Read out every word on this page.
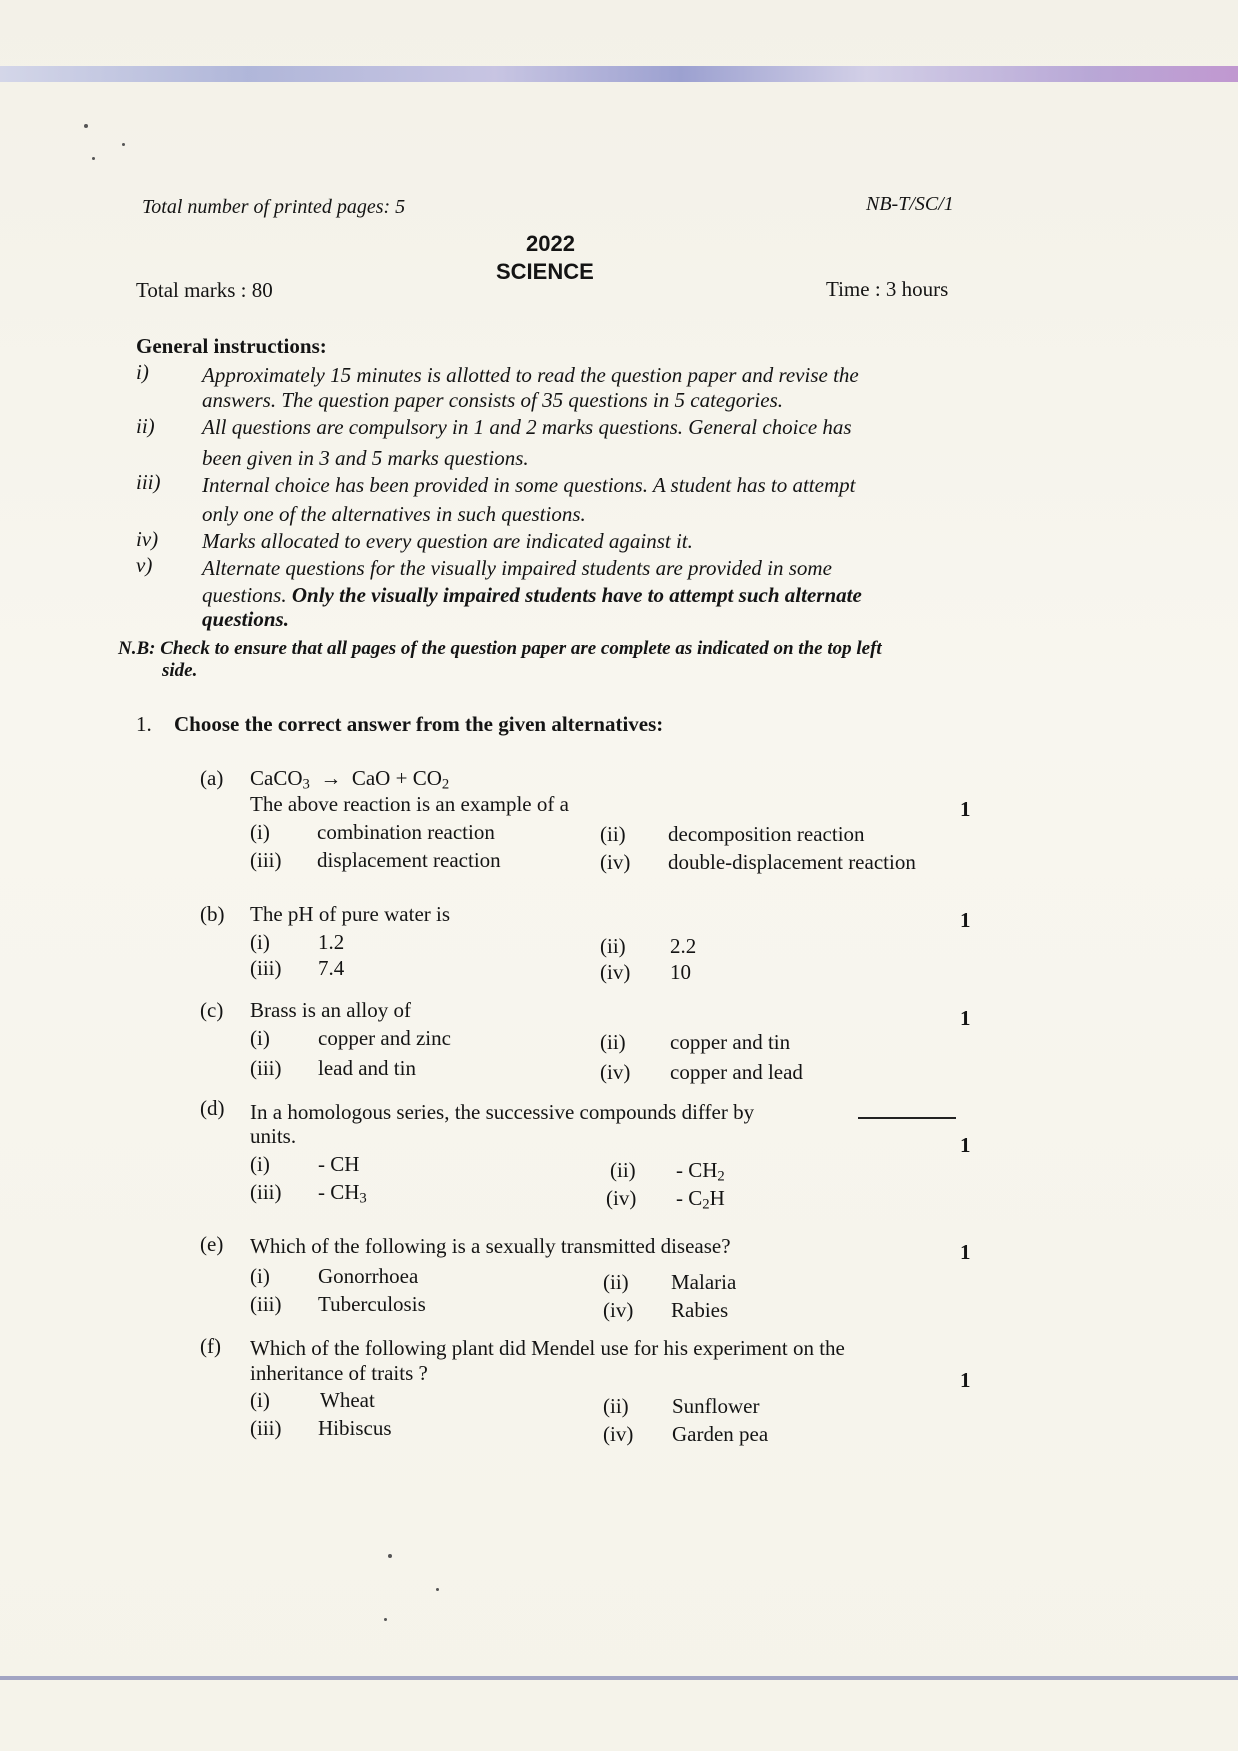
Total number of printed pages: 5	NB-T/SC/1
2022
SCIENCE
Total marks : 80	Time : 3 hours
General instructions:
i)	Approximately 15 minutes is allotted to read the question paper and revise the
answers. The question paper consists of 35 questions in 5 categories.
ii) All questions are compulsory in 1 and 2 marks questions. General choice has
been given in 3 and 5 marks questions.
iii) Internal choice has been provided in some questions. A student has to attempt
only one of the alternatives in such questions.
iv) Marks allocated to every question are indicated against it.
v) Alternate questions for the visually impaired students are provided in some
questions. Only the visually impaired students have to attempt such alternate
questions.
N.B: Check to ensure that all pages of the question paper are complete as indicated on the top left
side.
1. Choose the correct answer from the given alternatives:
(a) CaCO$_3$ → CaO + $CO_2$
The above reaction is an example of a	1
(i) combination reaction	(ii) decomposition reaction
(iii) displacement reaction	(iv) double-displacement reaction
(b) The pH of pure water is	1
(i) 1.2	(ii) 2.2
(iii) 7.4	(iv) 10
(c) Brass is an alloy of	1
(i) copper and zinc	(ii) copper and tin
(iii) lead and tin	(iv) copper and lead
(d) In a homologous series, the successive compounds differ by
units.	1
(i) - CH	$(ii) - CH_2$
$(iii) - CH_3$	$(iv) - C_2H$
(e) Which of the following is a sexually transmitted disease?	1
(i) Gonorrhoea	(ii) Malaria
(iii) Tuberculosis	(iv) Rabies
(f) Which of the following plant did Mendel use for his experiment on the
inheritance of traits ?	1
(i) Wheat	(ii) Sunflower
(iii) Hibiscus	(iv) Garden pea
